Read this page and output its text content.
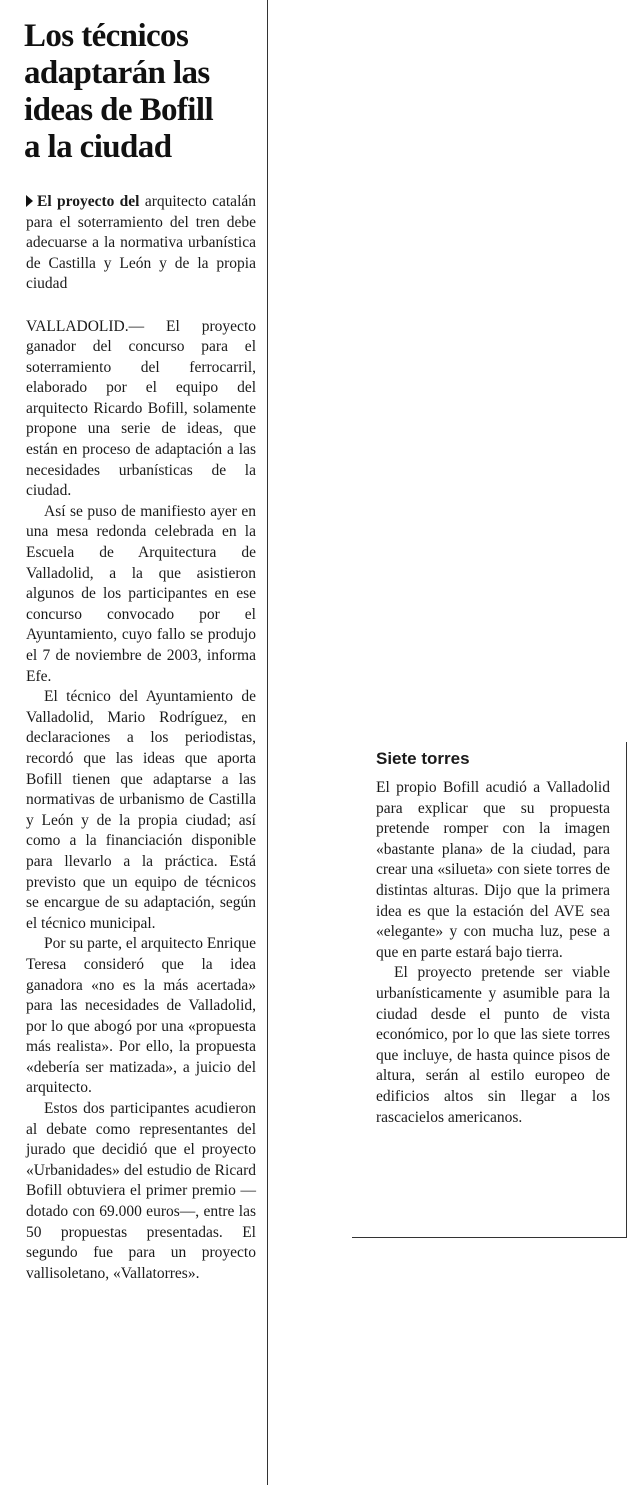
Los técnicos
adaptarán las
ideas de Bofill
a la ciudad
El proyecto del arquitecto catalán para el soterramiento del tren debe adecuarse a la normativa urbanística de Castilla y León y de la propia ciudad

VALLADOLID.— El proyecto ganador del concurso para el soterramiento del ferrocarril, elaborado por el equipo del arquitecto Ricardo Bofill, solamente propone una serie de ideas, que están en proceso de adaptación a las necesidades urbanísticas de la ciudad.

Así se puso de manifiesto ayer en una mesa redonda celebrada en la Escuela de Arquitectura de Valladolid, a la que asistieron algunos de los participantes en ese concurso convocado por el Ayuntamiento, cuyo fallo se produjo el 7 de noviembre de 2003, informa Efe.

El técnico del Ayuntamiento de Valladolid, Mario Rodríguez, en declaraciones a los periodistas, recordó que las ideas que aporta Bofill tienen que adaptarse a las normativas de urbanismo de Castilla y León y de la propia ciudad; así como a la financiación disponible para llevarlo a la práctica. Está previsto que un equipo de técnicos se encargue de su adaptación, según el técnico municipal.

Por su parte, el arquitecto Enrique Teresa consideró que la idea ganadora «no es la más acertada» para las necesidades de Valladolid, por lo que abogó por una «propuesta más realista». Por ello, la propuesta «debería ser matizada», a juicio del arquitecto.

Estos dos participantes acudieron al debate como representantes del jurado que decidió que el proyecto «Urbanidades» del estudio de Ricard Bofill obtuviera el primer premio —dotado con 69.000 euros—, entre las 50 propuestas presentadas. El segundo fue para un proyecto vallisoletano, «Vallatorres».

Siete torres

El propio Bofill acudió a Valladolid para explicar que su propuesta pretende romper con la imagen «bastante plana» de la ciudad, para crear una «silueta» con siete torres de distintas alturas. Dijo que la primera idea es que la estación del AVE sea «elegante» y con mucha luz, pese a que en parte estará bajo tierra.

El proyecto pretende ser viable urbanísticamente y asumible para la ciudad desde el punto de vista económico, por lo que las siete torres que incluye, de hasta quince pisos de altura, serán al estilo europeo de edificios altos sin llegar a los rascacielos americanos.
